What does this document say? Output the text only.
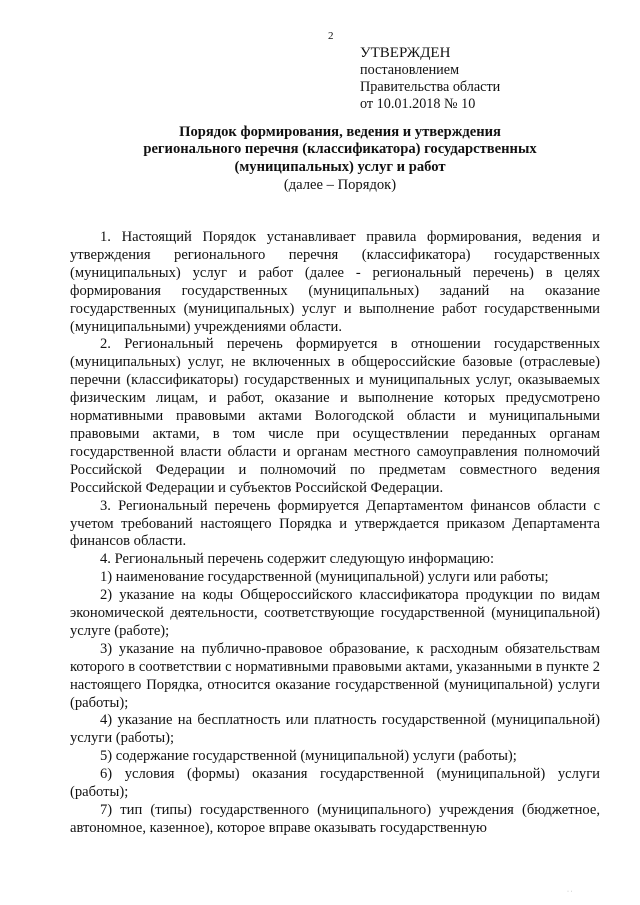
2
УТВЕРЖДЕН
постановлением
Правительства области
от 10.01.2018 № 10
Порядок формирования, ведения и утверждения
регионального перечня (классификатора) государственных
(муниципальных) услуг и работ
(далее – Порядок)

1. Настоящий Порядок устанавливает правила формирования, ведения и утверждения регионального перечня (классификатора) государственных (муниципальных) услуг и работ (далее - региональный перечень) в целях формирования государственных (муниципальных) заданий на оказание государственных (муниципальных) услуг и выполнение работ государственными (муниципальными) учреждениями области.

2. Региональный перечень формируется в отношении государственных (муниципальных) услуг, не включенных в общероссийские базовые (отраслевые) перечни (классификаторы) государственных и муниципальных услуг, оказываемых физическим лицам, и работ, оказание и выполнение которых предусмотрено нормативными правовыми актами Вологодской области и муниципальными правовыми актами, в том числе при осуществлении переданных органам государственной власти области и органам местного самоуправления полномочий Российской Федерации и полномочий по предметам совместного ведения Российской Федерации и субъектов Российской Федерации.

3. Региональный перечень формируется Департаментом финансов области с учетом требований настоящего Порядка и утверждается приказом Департамента финансов области.

4. Региональный перечень содержит следующую информацию:

1) наименование государственной (муниципальной) услуги или работы;

2) указание на коды Общероссийского классификатора продукции по видам экономической деятельности, соответствующие государственной (муниципальной) услуге (работе);

3) указание на публично-правовое образование, к расходным обязательствам которого в соответствии с нормативными правовыми актами, указанными в пункте 2 настоящего Порядка, относится оказание государственной (муниципальной) услуги (работы);

4) указание на бесплатность или платность государственной (муниципальной) услуги (работы);

5) содержание государственной (муниципальной) услуги (работы);

6) условия (формы) оказания государственной (муниципальной) услуги (работы);

7) тип (типы) государственного (муниципального) учреждения (бюджетное, автономное, казенное), которое вправе оказывать государственную

· ·
